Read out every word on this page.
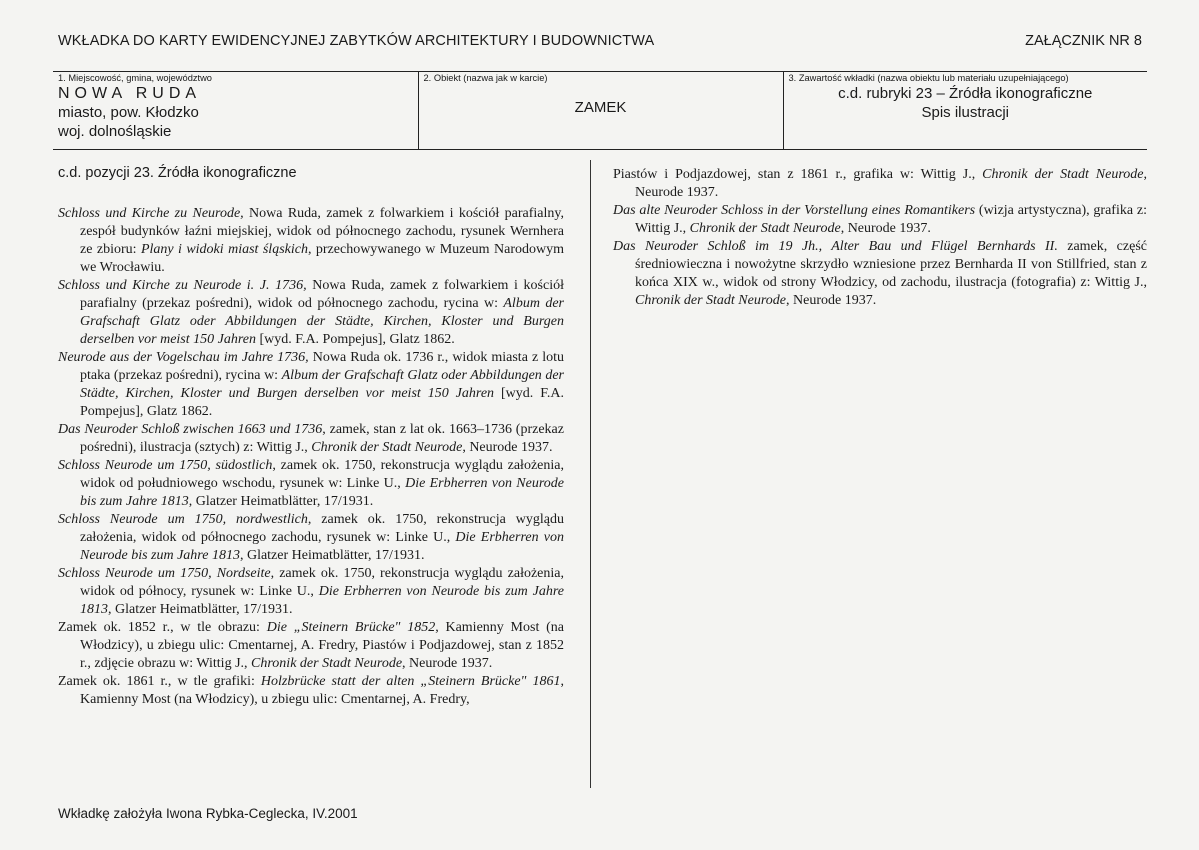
WKŁADKA DO KARTY EWIDENCYJNEJ ZABYTKÓW ARCHITEKTURY I BUDOWNICTWA	ZAŁĄCZNIK NR 8
1. Miejscowość, gmina, województwo
NOWA RUDA
miasto, pow. Kłodzko
woj. dolnośląskie

2. Obiekt (nazwa jak w karcie)
ZAMEK

3. Zawartość wkładki (nazwa obiektu lub materiału uzupełniającego)
c.d. rubryki 23 – Źródła ikonograficzne
Spis ilustracji
c.d. pozycji 23. Źródła ikonograficzne
Schloss und Kirche zu Neurode, Nowa Ruda, zamek z folwarkiem i kościół parafialny, zespół budynków łaźni miejskiej, widok od północnego zachodu, rysunek Wernhera ze zbioru: Plany i widoki miast śląskich, przechowywanego w Muzeum Narodowym we Wrocławiu.
Schloss und Kirche zu Neurode i. J. 1736, Nowa Ruda, zamek z folwarkiem i kościół parafialny (przekaz pośredni), widok od północnego zachodu, rycina w: Album der Grafschaft Glatz oder Abbildungen der Städte, Kirchen, Kloster und Burgen derselben vor meist 150 Jahren [wyd. F.A. Pompejus], Glatz 1862.
Neurode aus der Vogelschau im Jahre 1736, Nowa Ruda ok. 1736 r., widok miasta z lotu ptaka (przekaz pośredni), rycina w: Album der Grafschaft Glatz oder Abbildungen der Städte, Kirchen, Kloster und Burgen derselben vor meist 150 Jahren [wyd. F.A. Pompejus], Glatz 1862.
Das Neuroder Schloß zwischen 1663 und 1736, zamek, stan z lat ok. 1663–1736 (przekaz pośredni), ilustracja (sztych) z: Wittig J., Chronik der Stadt Neurode, Neurode 1937.
Schloss Neurode um 1750, südostlich, zamek ok. 1750, rekonstrucja wyglądu założenia, widok od południowego wschodu, rysunek w: Linke U., Die Erbherren von Neurode bis zum Jahre 1813, Glatzer Heimatblätter, 17/1931.
Schloss Neurode um 1750, nordwestlich, zamek ok. 1750, rekonstrucja wyglądu założenia, widok od północnego zachodu, rysunek w: Linke U., Die Erbherren von Neurode bis zum Jahre 1813, Glatzer Heimatblätter, 17/1931.
Schloss Neurode um 1750, Nordseite, zamek ok. 1750, rekonstrucja wyglądu założenia, widok od północy, rysunek w: Linke U., Die Erbherren von Neurode bis zum Jahre 1813, Glatzer Heimatblätter, 17/1931.
Zamek ok. 1852 r., w tle obrazu: Die „Steinern Brücke" 1852, Kamienny Most (na Włodzicy), u zbiegu ulic: Cmentarnej, A. Fredry, Piastów i Podjazdowej, stan z 1852 r., zdjęcie obrazu w: Wittig J., Chronik der Stadt Neurode, Neurode 1937.
Zamek ok. 1861 r., w tle grafiki: Holzbrücke statt der alten „Steinern Brücke" 1861, Kamienny Most (na Włodzicy), u zbiegu ulic: Cmentarnej, A. Fredry,
Piastów i Podjazdowej, stan z 1861 r., grafika w: Wittig J., Chronik der Stadt Neurode, Neurode 1937.
Das alte Neuroder Schloss in der Vorstellung eines Romantikers (wizja artystyczna), grafika z: Wittig J., Chronik der Stadt Neurode, Neurode 1937.
Das Neuroder Schloß im 19 Jh., Alter Bau und Flügel Bernhards II. zamek, część średniowieczna i nowożytne skrzydło wzniesione przez Bernharda II von Stillfried, stan z końca XIX w., widok od strony Włodzicy, od zachodu, ilustracja (fotografia) z: Wittig J., Chronik der Stadt Neurode, Neurode 1937.
Wkładkę założyła Iwona Rybka-Ceglecka, IV.2001
